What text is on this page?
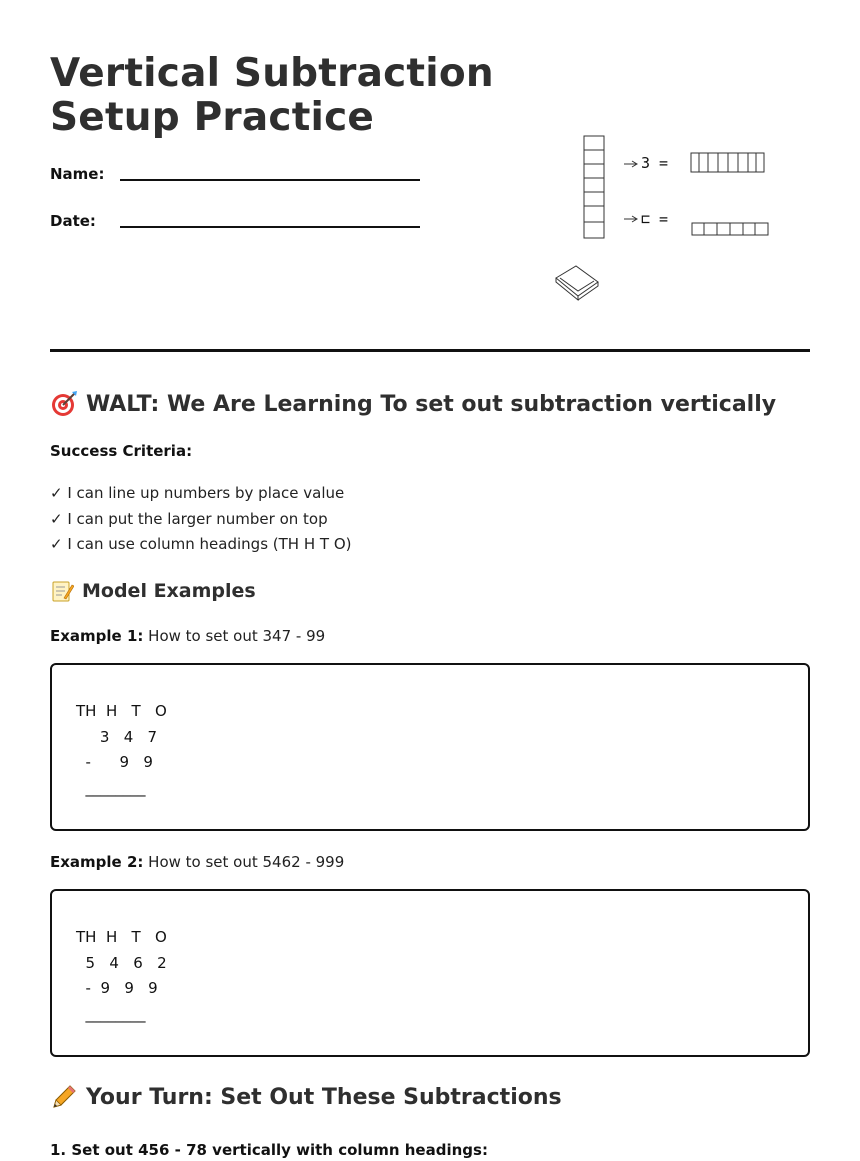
Vertical Subtraction
Setup Practice
Name:
Date:
3 =
⊏ =
WALT: We Are Learning To set out subtraction vertically
Success Criteria:
✓ I can line up numbers by place value
✓ I can put the larger number on top
✓ I can use column headings (TH H T O)
Model Examples
Example 1: How to set out 347 - 99
TH  H   T   O
3   4   7
-      9   9
________
Example 2: How to set out 5462 - 999
TH  H   T   O
5   4   6   2
-  9   9   9
________
Your Turn: Set Out These Subtractions
1. Set out 456 - 78 vertically with column headings:
